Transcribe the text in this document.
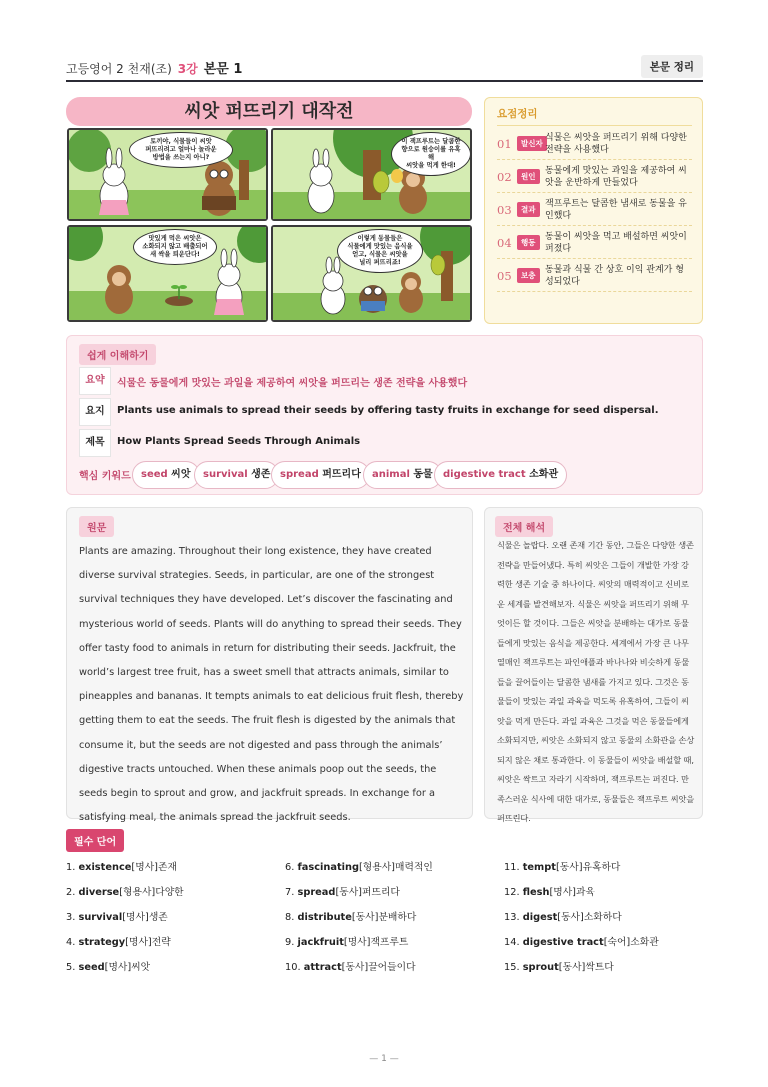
고등영어 2 천재(조) 3강 본문 1	본문 정리
씨앗 퍼뜨리기 대작전
토끼야, 식물들이 씨앗
퍼뜨리려고 얼마나 놀라운
방법을 쓰는지 아니?
이 잭프루트는 달콤한
향으로 원숭이를 유혹해
씨앗을 먹게 한대!
맛있게 먹은 씨앗은
소화되지 않고 배출되어
새 싹을 틔운단다!
이렇게 동물들은
식물에게 맛있는 음식을
얻고, 식물은 씨앗을
널리 퍼뜨리죠!
요점정리
01	발신자
식물은 씨앗을 퍼뜨리기 위해 다양한 전략을 사용했다
02	원인
동물에게 맛있는 과일을 제공하여 씨앗을 운반하게 만들었다
03	결과
잭프루트는 달콤한 냄새로 동물을 유인했다
04	행동
동물이 씨앗을 먹고 배설하면 씨앗이 퍼졌다
05	보충
동물과 식물 간 상호 이익 관계가 형성되었다
쉽게 이해하기
요약	식물은 동물에게 맛있는 과일을 제공하여 씨앗을 퍼뜨리는 생존 전략을 사용했다
요지	Plants use animals to spread their seeds by offering tasty fruits in exchange for seed dispersal.
제목	How Plants Spread Seeds Through Animals
핵심 키워드	seed 씨앗	survival 생존 spread 퍼뜨리다	animal 동물	digestive tract 소화관
원문
Plants are amazing. Throughout their long existence, they have created diverse survival strategies. Seeds, in particular, are one of the strongest survival techniques they have developed. Let’s discover the fascinating and mysterious world of seeds. Plants will do anything to spread their seeds. They offer tasty food to animals in return for distributing their seeds. Jackfruit, the world’s largest tree fruit, has a sweet smell that attracts animals, similar to pineapples and bananas. It tempts animals to eat delicious fruit flesh, thereby getting them to eat the seeds. The fruit flesh is digested by the animals that consume it, but the seeds are not digested and pass through the animals’ digestive tracts untouched. When these animals poop out the seeds, the seeds begin to sprout and grow, and jackfruit spreads. In exchange for a satisfying meal, the animals spread the jackfruit seeds.
전체 해석
식물은 놀랍다. 오랜 존재 기간 동안, 그들은 다양한 생존 전략을 만들어냈다. 특히 씨앗은 그들이 개발한 가장 강력한 생존 기술 중 하나이다. 씨앗의 매력적이고 신비로운 세계를 발견해보자. 식물은 씨앗을 퍼뜨리기 위해 무엇이든 할 것이다. 그들은 씨앗을 분배하는 대가로 동물들에게 맛있는 음식을 제공한다. 세계에서 가장 큰 나무 열매인 잭프루트는 파인애플과 바나나와 비슷하게 동물들을 끌어들이는 달콤한 냄새를 가지고 있다. 그것은 동물들이 맛있는 과일 과육을 먹도록 유혹하여, 그들이 씨앗을 먹게 만든다. 과일 과육은 그것을 먹은 동물들에게 소화되지만, 씨앗은 소화되지 않고 동물의 소화관을 손상되지 않은 채로 통과한다. 이 동물들이 씨앗을 배설할 때, 씨앗은 싹트고 자라기 시작하며, 잭프루트는 퍼진다. 만족스러운 식사에 대한 대가로, 동물들은 잭프루트 씨앗을 퍼뜨린다.
필수 단어
1. existence[명사]존재
2. diverse[형용사]다양한
3. survival[명사]생존
4. strategy[명사]전략
5. seed[명사]씨앗
6. fascinating[형용사]매력적인
7. spread[동사]퍼뜨리다
8. distribute[동사]분배하다
9. jackfruit[명사]잭프루트
10. attract[동사]끌어들이다
11. tempt[동사]유혹하다
12. flesh[명사]과육
13. digest[동사]소화하다
14. digestive tract[숙어]소화관
15. sprout[동사]싹트다
— 1 —
